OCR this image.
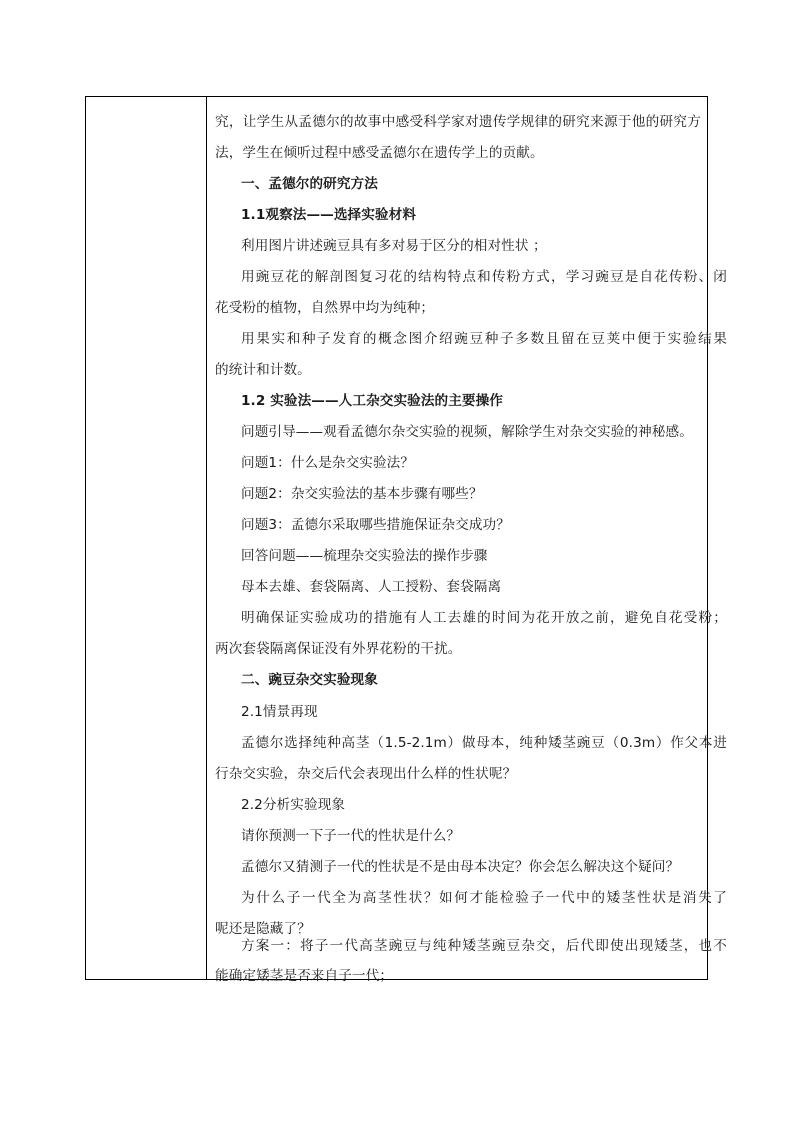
究，让学生从孟德尔的故事中感受科学家对遗传学规律的研究来源于他的研究方
法，学生在倾听过程中感受孟德尔在遗传学上的贡献。
一、孟德尔的研究方法
1.1观察法——选择实验材料
利用图片讲述豌豆具有多对易于区分的相对性状 ；
用豌豆花的解剖图复习花的结构特点和传粉方式，学习豌豆是自花传粉、闭
花受粉的植物，自然界中均为纯种；
用果实和种子发育的概念图介绍豌豆种子多数且留在豆荚中便于实验结果
的统计和计数。
1.2 实验法——人工杂交实验法的主要操作
问题引导——观看孟德尔杂交实验的视频，解除学生对杂交实验的神秘感。
问题1：什么是杂交实验法？
问题2：杂交实验法的基本步骤有哪些？
问题3：孟德尔采取哪些措施保证杂交成功？
回答问题——梳理杂交实验法的操作步骤
母本去雄、套袋隔离、人工授粉、套袋隔离
明确保证实验成功的措施有人工去雄的时间为花开放之前，避免自花受粉；
两次套袋隔离保证没有外界花粉的干扰。
二、豌豆杂交实验现象
2.1情景再现
孟德尔选择纯种高茎（1.5-2.1m）做母本，纯种矮茎豌豆（0.3m）作父本进
行杂交实验，杂交后代会表现出什么样的性状呢？
2.2分析实验现象
请你预测一下子一代的性状是什么？
孟德尔又猜测子一代的性状是不是由母本决定？你会怎么解决这个疑问？
为什么子一代全为高茎性状？如何才能检验子一代中的矮茎性状是消失了
呢还是隐藏了？
方案一：将子一代高茎豌豆与纯种矮茎豌豆杂交，后代即使出现矮茎，也不
能确定矮茎是否来自子一代；
